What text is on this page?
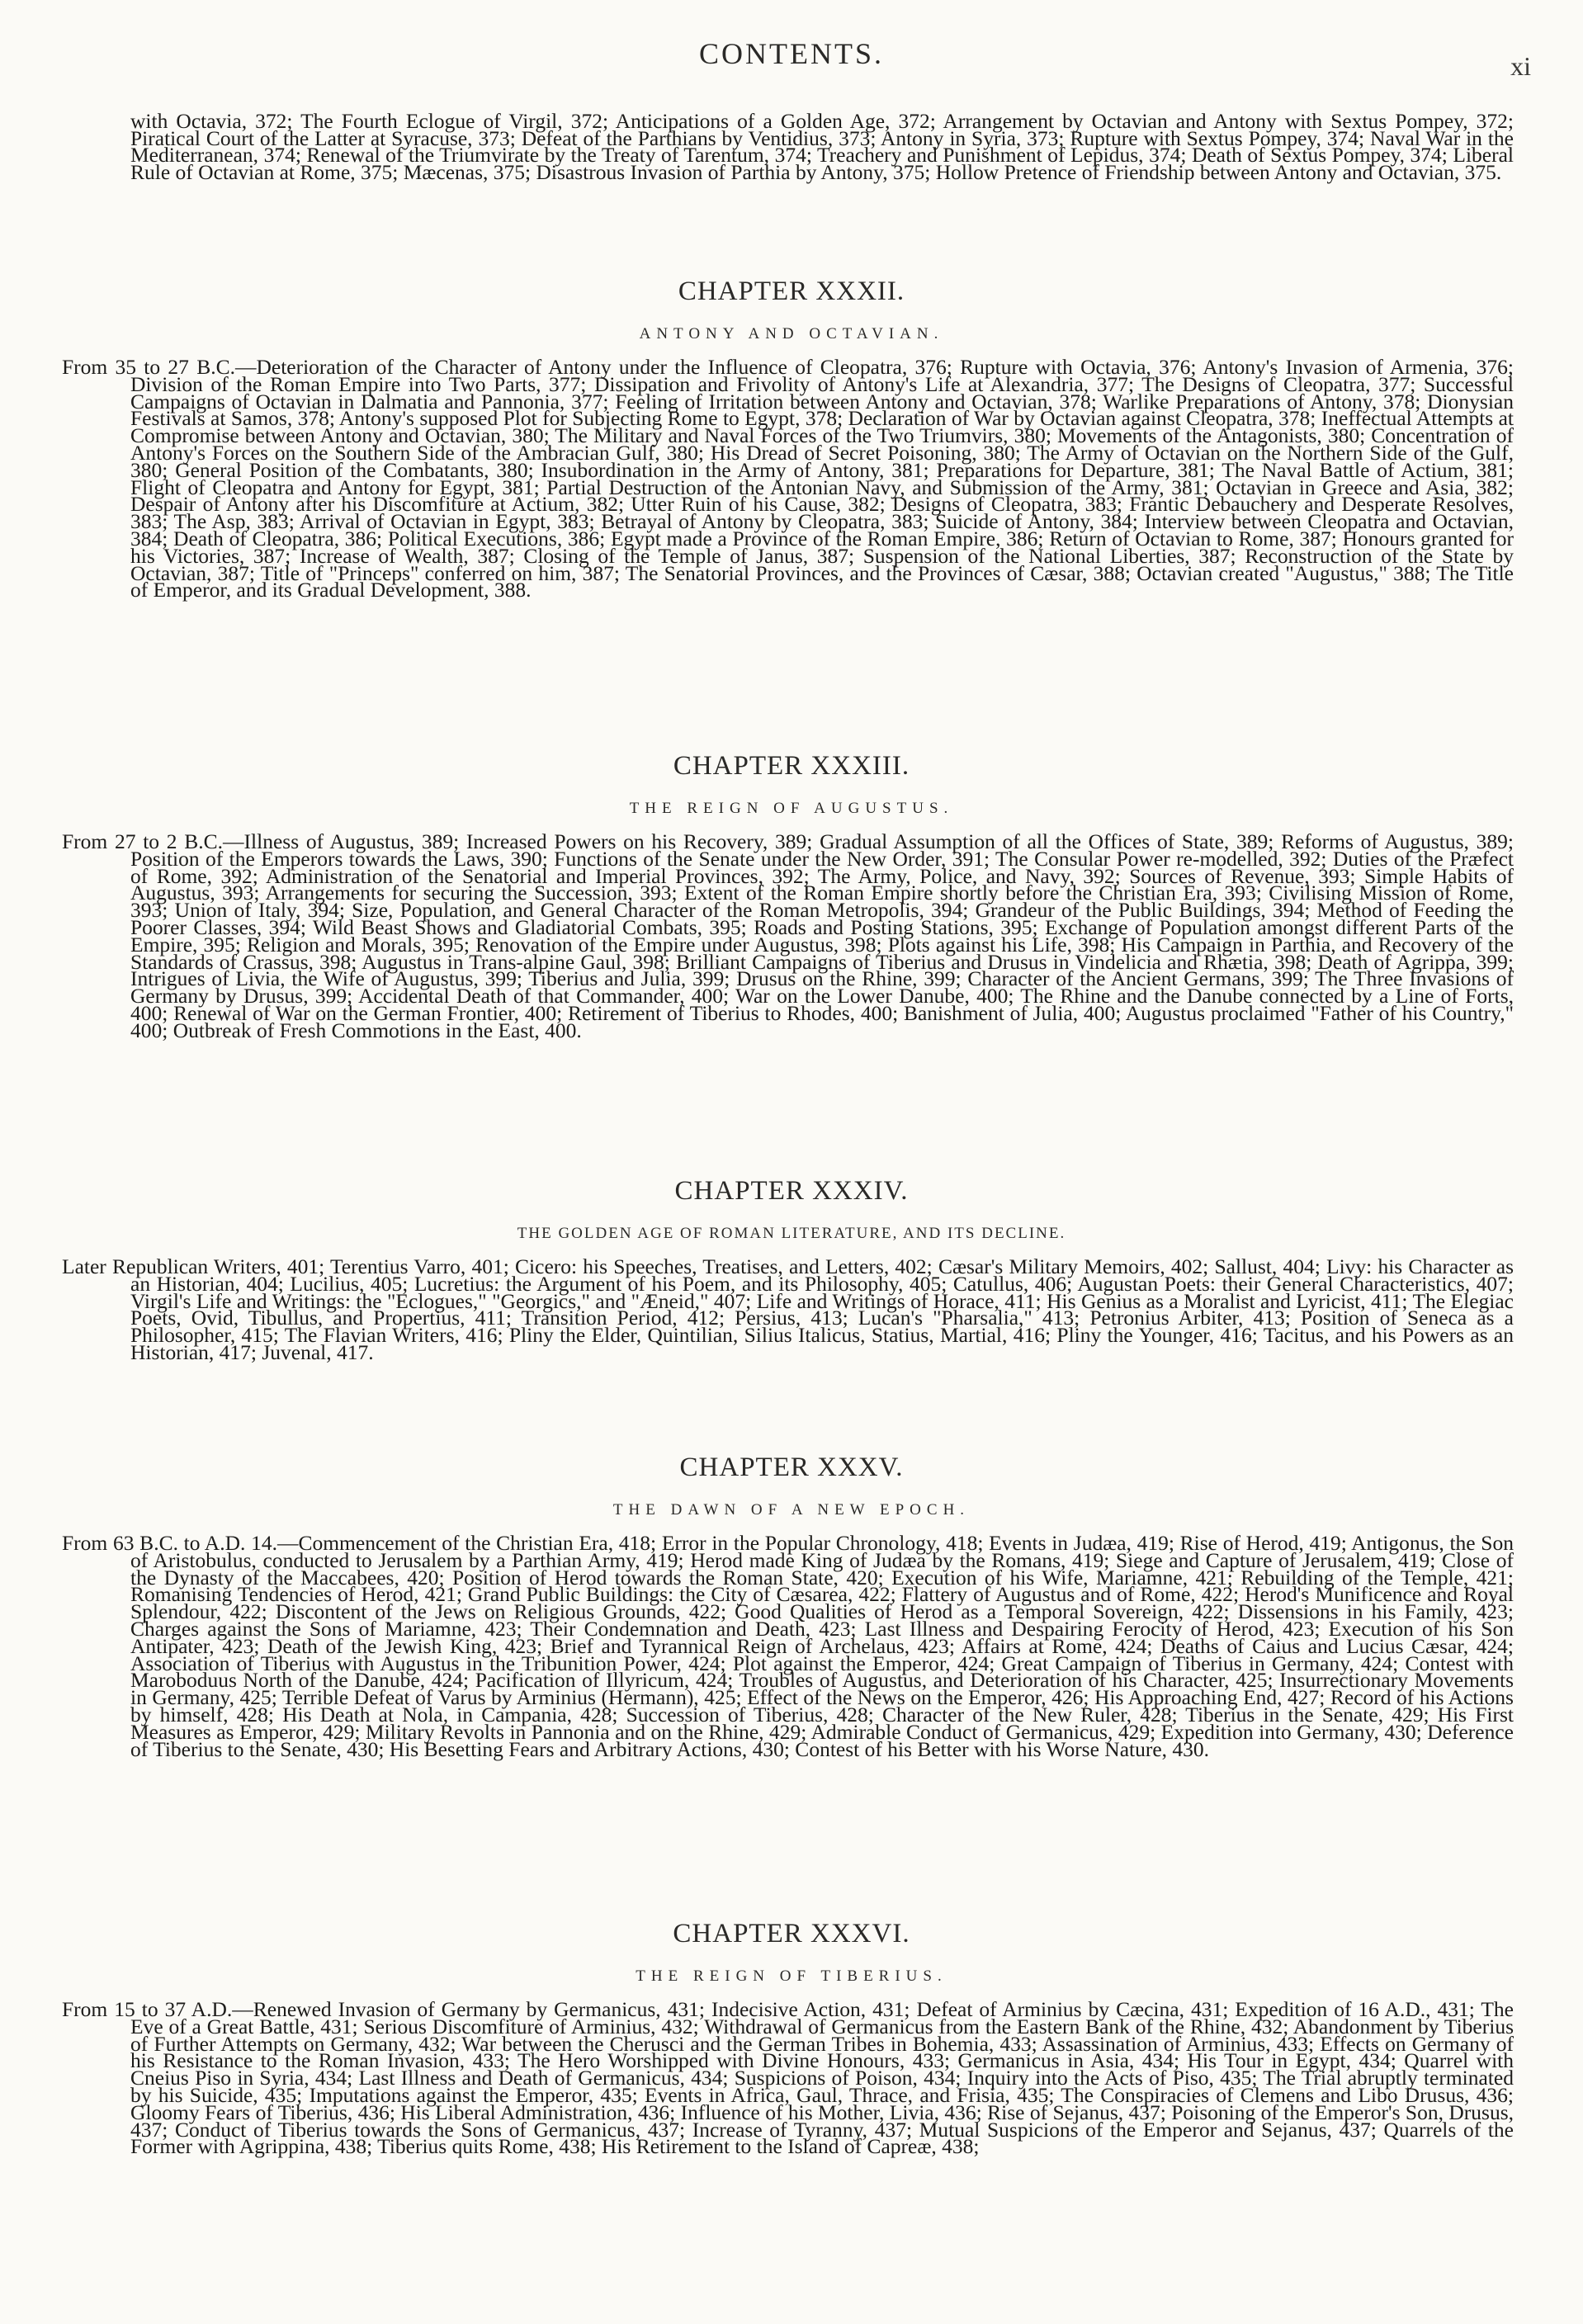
CONTENTS.	xi
with Octavia, 372; The Fourth Eclogue of Virgil, 372; Anticipations of a Golden Age, 372; Arrangement by Octavian and Antony with Sextus Pompey, 372; Piratical Court of the Latter at Syracuse, 373; Defeat of the Parthians by Ventidius, 373; Antony in Syria, 373; Rupture with Sextus Pompey, 374; Naval War in the Mediterranean, 374; Renewal of the Triumvirate by the Treaty of Tarentum, 374; Treachery and Punishment of Lepidus, 374; Death of Sextus Pompey, 374; Liberal Rule of Octavian at Rome, 375; Mæcenas, 375; Disastrous Invasion of Parthia by Antony, 375; Hollow Pretence of Friendship between Antony and Octavian, 375.
CHAPTER XXXII.
ANTONY AND OCTAVIAN.
From 35 to 27 B.C.—Deterioration of the Character of Antony under the Influence of Cleopatra, 376; Rupture with Octavia, 376; Antony's Invasion of Armenia, 376; Division of the Roman Empire into Two Parts, 377; Dissipation and Frivolity of Antony's Life at Alexandria, 377; The Designs of Cleopatra, 377; Successful Campaigns of Octavian in Dalmatia and Pannonia, 377; Feeling of Irritation between Antony and Octavian, 378; Warlike Preparations of Antony, 378; Dionysian Festivals at Samos, 378; Antony's supposed Plot for Subjecting Rome to Egypt, 378; Declaration of War by Octavian against Cleopatra, 378; Ineffectual Attempts at Compromise between Antony and Octavian, 380; The Military and Naval Forces of the Two Triumvirs, 380; Movements of the Antagonists, 380; Concentration of Antony's Forces on the Southern Side of the Ambracian Gulf, 380; His Dread of Secret Poisoning, 380; The Army of Octavian on the Northern Side of the Gulf, 380; General Position of the Combatants, 380; Insubordination in the Army of Antony, 381; Preparations for Departure, 381; The Naval Battle of Actium, 381; Flight of Cleopatra and Antony for Egypt, 381; Partial Destruction of the Antonian Navy, and Submission of the Army, 381; Octavian in Greece and Asia, 382; Despair of Antony after his Discomfiture at Actium, 382; Utter Ruin of his Cause, 382; Designs of Cleopatra, 383; Frantic Debauchery and Desperate Resolves, 383; The Asp, 383; Arrival of Octavian in Egypt, 383; Betrayal of Antony by Cleopatra, 383; Suicide of Antony, 384; Interview between Cleopatra and Octavian, 384; Death of Cleopatra, 386; Political Executions, 386; Egypt made a Province of the Roman Empire, 386; Return of Octavian to Rome, 387; Honours granted for his Victories, 387; Increase of Wealth, 387; Closing of the Temple of Janus, 387; Suspension of the National Liberties, 387; Reconstruction of the State by Octavian, 387; Title of "Princeps" conferred on him, 387; The Senatorial Provinces, and the Provinces of Cæsar, 388; Octavian created "Augustus," 388; The Title of Emperor, and its Gradual Development, 388.
CHAPTER XXXIII.
THE REIGN OF AUGUSTUS.
From 27 to 2 B.C.—Illness of Augustus, 389; Increased Powers on his Recovery, 389; Gradual Assumption of all the Offices of State, 389; Reforms of Augustus, 389; Position of the Emperors towards the Laws, 390; Functions of the Senate under the New Order, 391; The Consular Power re-modelled, 392; Duties of the Præfect of Rome, 392; Administration of the Senatorial and Imperial Provinces, 392; The Army, Police, and Navy, 392; Sources of Revenue, 393; Simple Habits of Augustus, 393; Arrangements for securing the Succession, 393; Extent of the Roman Empire shortly before the Christian Era, 393; Civilising Mission of Rome, 393; Union of Italy, 394; Size, Population, and General Character of the Roman Metropolis, 394; Grandeur of the Public Buildings, 394; Method of Feeding the Poorer Classes, 394; Wild Beast Shows and Gladiatorial Combats, 395; Roads and Posting Stations, 395; Exchange of Population amongst different Parts of the Empire, 395; Religion and Morals, 395; Renovation of the Empire under Augustus, 398; Plots against his Life, 398; His Campaign in Parthia, and Recovery of the Standards of Crassus, 398; Augustus in Trans-alpine Gaul, 398; Brilliant Campaigns of Tiberius and Drusus in Vindelicia and Rhætia, 398; Death of Agrippa, 399; Intrigues of Livia, the Wife of Augustus, 399; Tiberius and Julia, 399; Drusus on the Rhine, 399; Character of the Ancient Germans, 399; The Three Invasions of Germany by Drusus, 399; Accidental Death of that Commander, 400; War on the Lower Danube, 400; The Rhine and the Danube connected by a Line of Forts, 400; Renewal of War on the German Frontier, 400; Retirement of Tiberius to Rhodes, 400; Banishment of Julia, 400; Augustus proclaimed "Father of his Country," 400; Outbreak of Fresh Commotions in the East, 400.
CHAPTER XXXIV.
THE GOLDEN AGE OF ROMAN LITERATURE, AND ITS DECLINE.
Later Republican Writers, 401; Terentius Varro, 401; Cicero: his Speeches, Treatises, and Letters, 402; Cæsar's Military Memoirs, 402; Sallust, 404; Livy: his Character as an Historian, 404; Lucilius, 405; Lucretius: the Argument of his Poem, and its Philosophy, 405; Catullus, 406; Augustan Poets: their General Characteristics, 407; Virgil's Life and Writings: the "Eclogues," "Georgics," and "Æneid," 407; Life and Writings of Horace, 411; His Genius as a Moralist and Lyricist, 411; The Elegiac Poets, Ovid, Tibullus, and Propertius, 411; Transition Period, 412; Persius, 413; Lucan's "Pharsalia," 413; Petronius Arbiter, 413; Position of Seneca as a Philosopher, 415; The Flavian Writers, 416; Pliny the Elder, Quintilian, Silius Italicus, Statius, Martial, 416; Pliny the Younger, 416; Tacitus, and his Powers as an Historian, 417; Juvenal, 417.
CHAPTER XXXV.
THE DAWN OF A NEW EPOCH.
From 63 B.C. to A.D. 14.—Commencement of the Christian Era, 418; Error in the Popular Chronology, 418; Events in Judæa, 419; Rise of Herod, 419; Antigonus, the Son of Aristobulus, conducted to Jerusalem by a Parthian Army, 419; Herod made King of Judæa by the Romans, 419; Siege and Capture of Jerusalem, 419; Close of the Dynasty of the Maccabees, 420; Position of Herod towards the Roman State, 420; Execution of his Wife, Mariamne, 421; Rebuilding of the Temple, 421; Romanising Tendencies of Herod, 421; Grand Public Buildings: the City of Cæsarea, 422; Flattery of Augustus and of Rome, 422; Herod's Munificence and Royal Splendour, 422; Discontent of the Jews on Religious Grounds, 422; Good Qualities of Herod as a Temporal Sovereign, 422; Dissensions in his Family, 423; Charges against the Sons of Mariamne, 423; Their Condemnation and Death, 423; Last Illness and Despairing Ferocity of Herod, 423; Execution of his Son Antipater, 423; Death of the Jewish King, 423; Brief and Tyrannical Reign of Archelaus, 423; Affairs at Rome, 424; Deaths of Caius and Lucius Cæsar, 424; Association of Tiberius with Augustus in the Tribunition Power, 424; Plot against the Emperor, 424; Great Campaign of Tiberius in Germany, 424; Contest with Maroboduus North of the Danube, 424; Pacification of Illyricum, 424; Troubles of Augustus, and Deterioration of his Character, 425; Insurrectionary Movements in Germany, 425; Terrible Defeat of Varus by Arminius (Hermann), 425; Effect of the News on the Emperor, 426; His Approaching End, 427; Record of his Actions by himself, 428; His Death at Nola, in Campania, 428; Succession of Tiberius, 428; Character of the New Ruler, 428; Tiberius in the Senate, 429; His First Measures as Emperor, 429; Military Revolts in Pannonia and on the Rhine, 429; Admirable Conduct of Germanicus, 429; Expedition into Germany, 430; Deference of Tiberius to the Senate, 430; His Besetting Fears and Arbitrary Actions, 430; Contest of his Better with his Worse Nature, 430.
CHAPTER XXXVI.
THE REIGN OF TIBERIUS.
From 15 to 37 A.D.—Renewed Invasion of Germany by Germanicus, 431; Indecisive Action, 431; Defeat of Arminius by Cæcina, 431; Expedition of 16 A.D., 431; The Eve of a Great Battle, 431; Serious Discomfiture of Arminius, 432; Withdrawal of Germanicus from the Eastern Bank of the Rhine, 432; Abandonment by Tiberius of Further Attempts on Germany, 432; War between the Cherusci and the German Tribes in Bohemia, 433; Assassination of Arminius, 433; Effects on Germany of his Resistance to the Roman Invasion, 433; The Hero Worshipped with Divine Honours, 433; Germanicus in Asia, 434; His Tour in Egypt, 434; Quarrel with Cneius Piso in Syria, 434; Last Illness and Death of Germanicus, 434; Suspicions of Poison, 434; Inquiry into the Acts of Piso, 435; The Trial abruptly terminated by his Suicide, 435; Imputations against the Emperor, 435; Events in Africa, Gaul, Thrace, and Frisia, 435; The Conspiracies of Clemens and Libo Drusus, 436; Gloomy Fears of Tiberius, 436; His Liberal Administration, 436; Influence of his Mother, Livia, 436; Rise of Sejanus, 437; Poisoning of the Emperor's Son, Drusus, 437; Conduct of Tiberius towards the Sons of Germanicus, 437; Increase of Tyranny, 437; Mutual Suspicions of the Emperor and Sejanus, 437; Quarrels of the Former with Agrippina, 438; Tiberius quits Rome, 438; His Retirement to the Island of Capreæ, 438;
